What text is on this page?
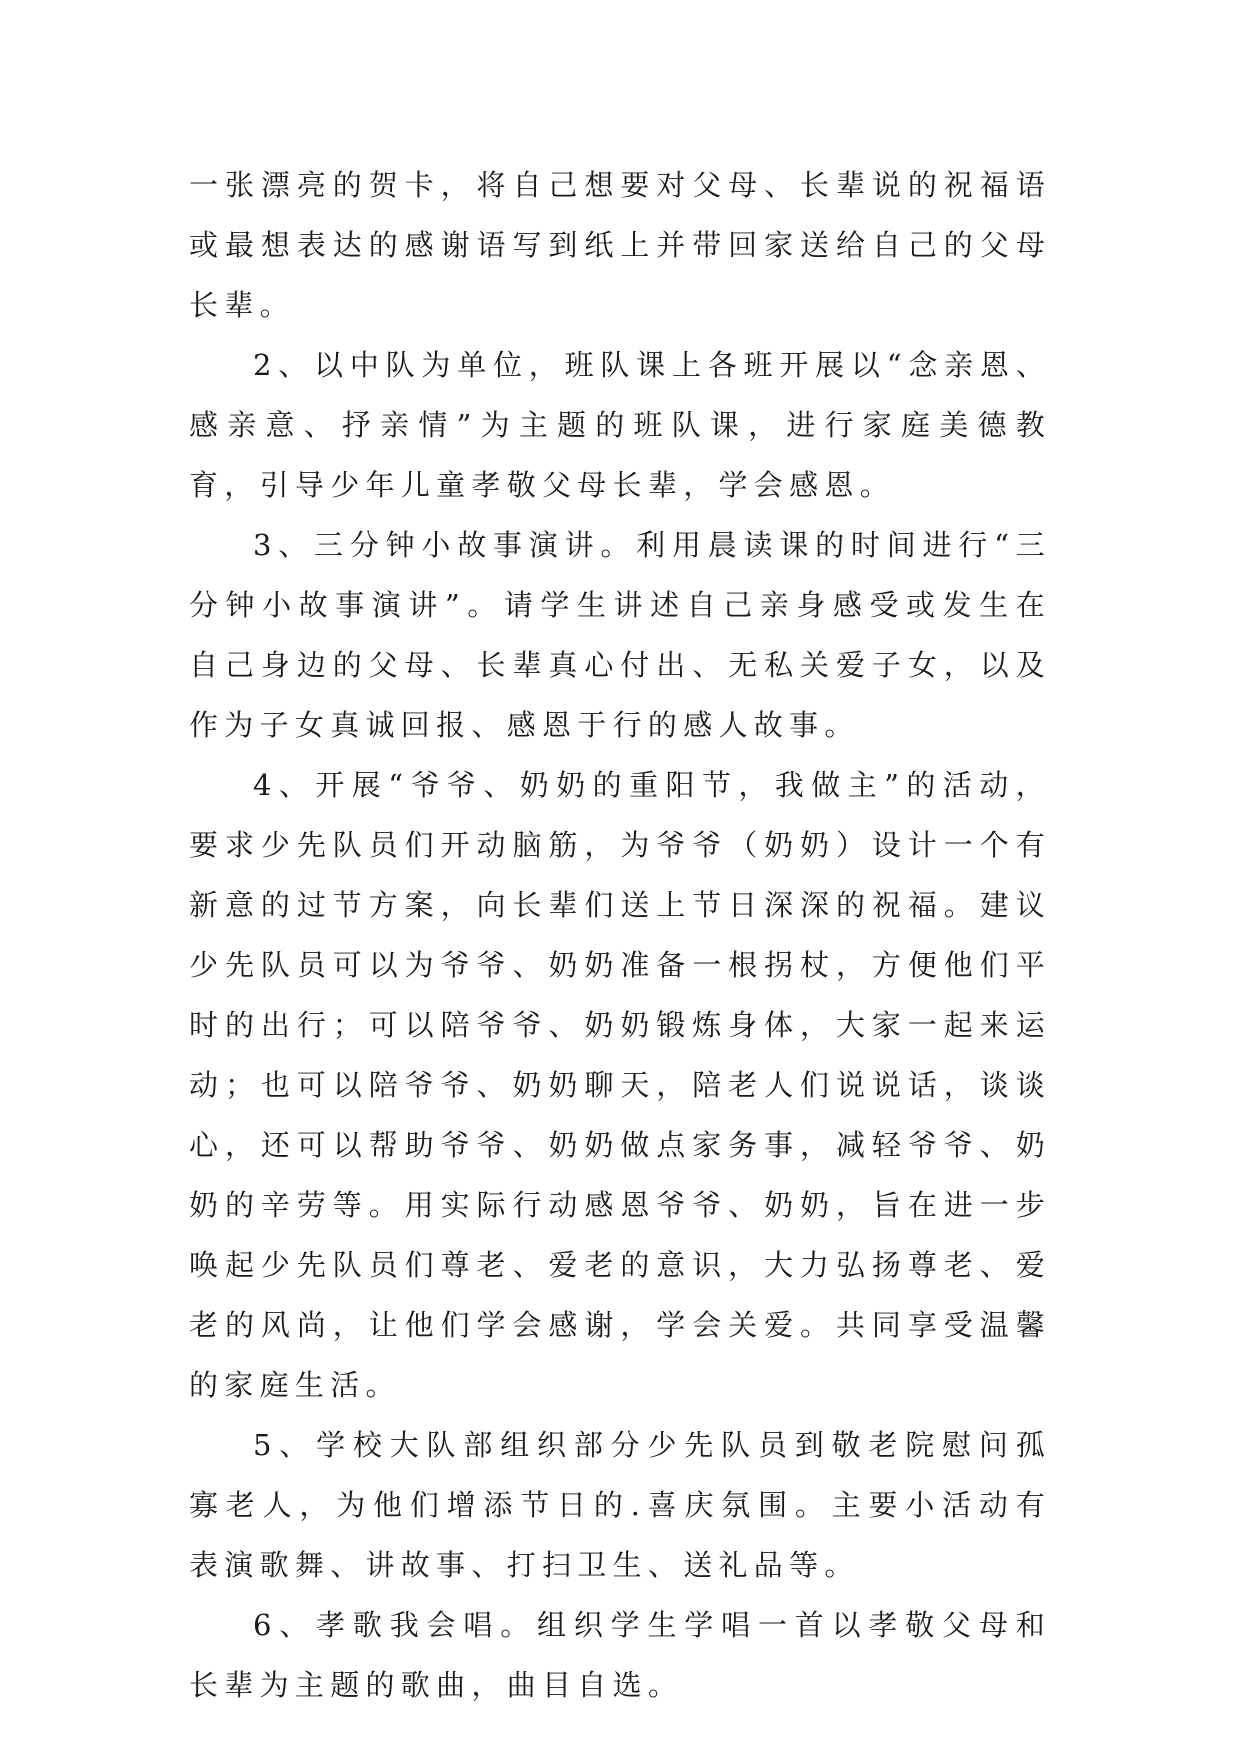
一张漂亮的贺卡，将自己想要对父母、长辈说的祝福语或最想表达的感谢语写到纸上并带回家送给自己的父母长辈。

2、以中队为单位，班队课上各班开展以“念亲恩、感亲意、抒亲情”为主题的班队课，进行家庭美德教育，引导少年儿童孝敬父母长辈，学会感恩。

3、三分钟小故事演讲。利用晨读课的时间进行“三分钟小故事演讲”。请学生讲述自己亲身感受或发生在自己身边的父母、长辈真心付出、无私关爱子女，以及作为子女真诚回报、感恩于行的感人故事。

4、开展“爷爷、奶奶的重阳节，我做主”的活动，要求少先队员们开动脑筋，为爷爷（奶奶）设计一个有新意的过节方案，向长辈们送上节日深深的祝福。建议少先队员可以为爷爷、奶奶准备一根拐杖，方便他们平时的出行；可以陪爷爷、奶奶锻炼身体，大家一起来运动；也可以陪爷爷、奶奶聊天，陪老人们说说话，谈谈心，还可以帮助爷爷、奶奶做点家务事，减轻爷爷、奶奶的辛劳等。用实际行动感恩爷爷、奶奶，旨在进一步唤起少先队员们尊老、爱老的意识，大力弘扬尊老、爱老的风尚，让他们学会感谢，学会关爱。共同享受温馨的家庭生活。

5、学校大队部组织部分少先队员到敬老院慰问孤寡老人，为他们增添节日的.喜庆氛围。主要小活动有表演歌舞、讲故事、打扫卫生、送礼品等。

6、孝歌我会唱。组织学生学唱一首以孝敬父母和长辈为主题的歌曲，曲目自选。
